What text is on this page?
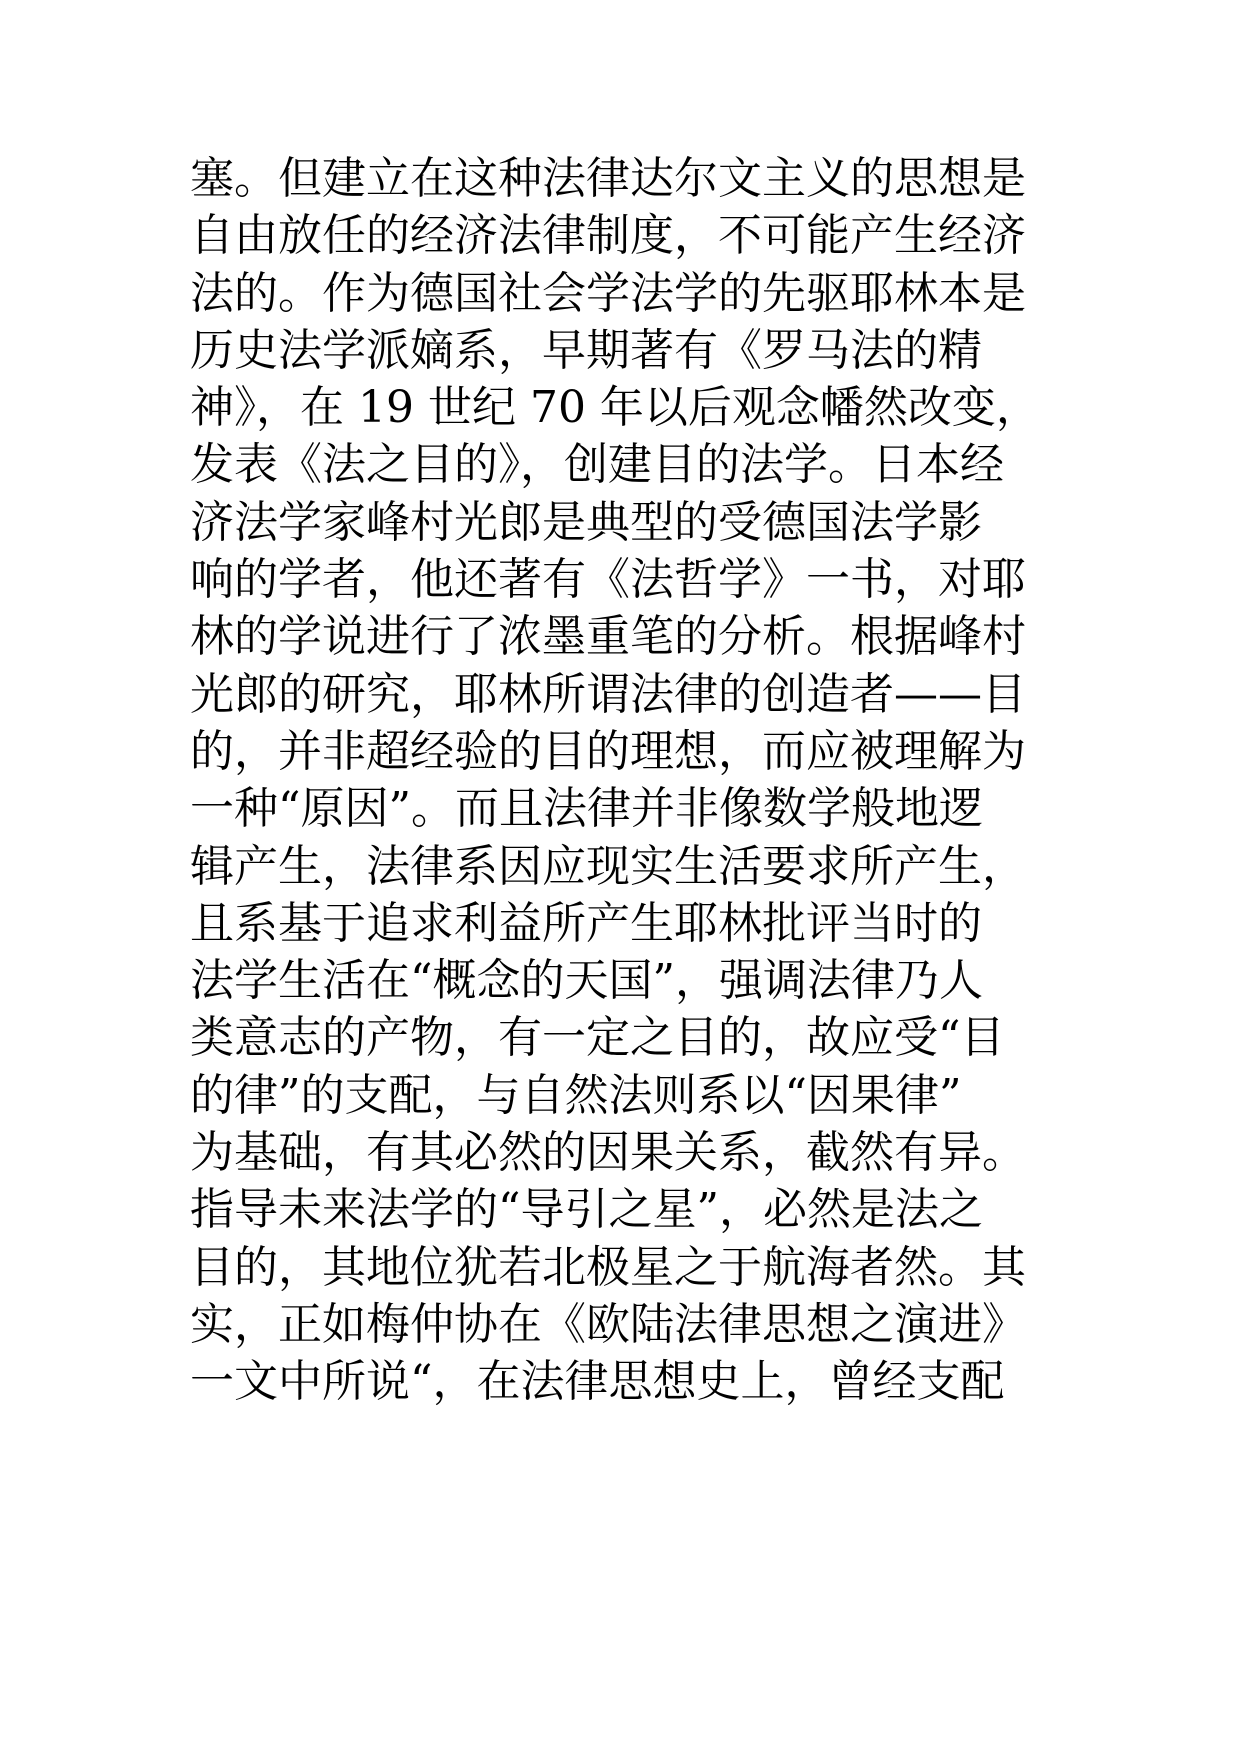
塞。但建立在这种法律达尔文主义的思想是
自由放任的经济法律制度，不可能产生经济
法的。作为德国社会学法学的先驱耶林本是
历史法学派嫡系，早期著有《罗马法的精
神》，在 19 世纪 70 年以后观念幡然改变，
发表《法之目的》，创建目的法学。日本经
济法学家峰村光郎是典型的受德国法学影
响的学者，他还著有《法哲学》一书，对耶
林的学说进行了浓墨重笔的分析。根据峰村
光郎的研究，耶林所谓法律的创造者——目
的，并非超经验的目的理想，而应被理解为
一种“原因”。而且法律并非像数学般地逻
辑产生，法律系因应现实生活要求所产生，
且系基于追求利益所产生耶林批评当时的
法学生活在“概念的天国”，强调法律乃人
类意志的产物，有一定之目的，故应受“目
的律”的支配，与自然法则系以“因果律”
为基础，有其必然的因果关系，截然有异。
指导未来法学的“导引之星”，必然是法之
目的，其地位犹若北极星之于航海者然。其
实，正如梅仲协在《欧陆法律思想之演进》
一文中所说“，在法律思想史上，曾经支配
